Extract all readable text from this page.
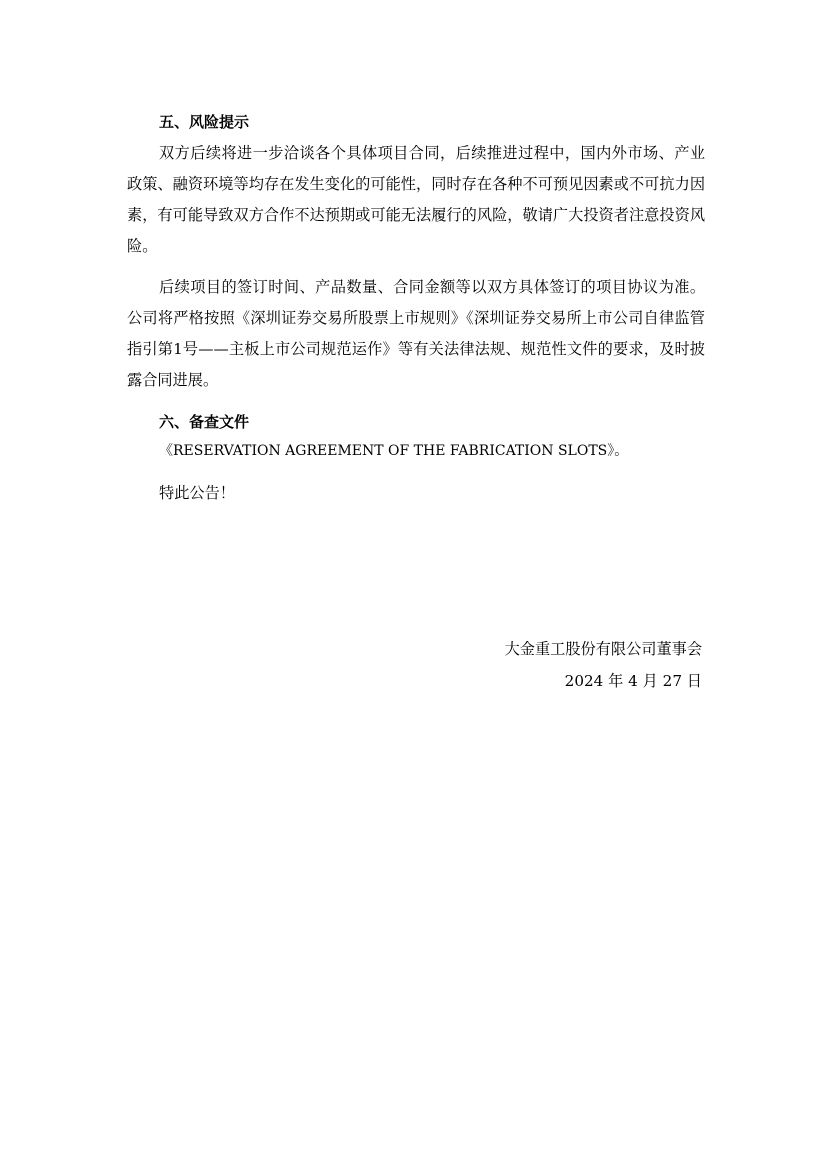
五、风险提示

双方后续将进一步洽谈各个具体项目合同，后续推进过程中，国内外市场、产业政策、融资环境等均存在发生变化的可能性，同时存在各种不可预见因素或不可抗力因素，有可能导致双方合作不达预期或可能无法履行的风险，敬请广大投资者注意投资风险。

后续项目的签订时间、产品数量、合同金额等以双方具体签订的项目协议为准。公司将严格按照《深圳证券交易所股票上市规则》《深圳证券交易所上市公司自律监管指引第1号——主板上市公司规范运作》等有关法律法规、规范性文件的要求，及时披露合同进展。

六、备查文件

《RESERVATION AGREEMENT OF THE FABRICATION SLOTS》。

特此公告！

大金重工股份有限公司董事会
2024 年 4 月 27 日
